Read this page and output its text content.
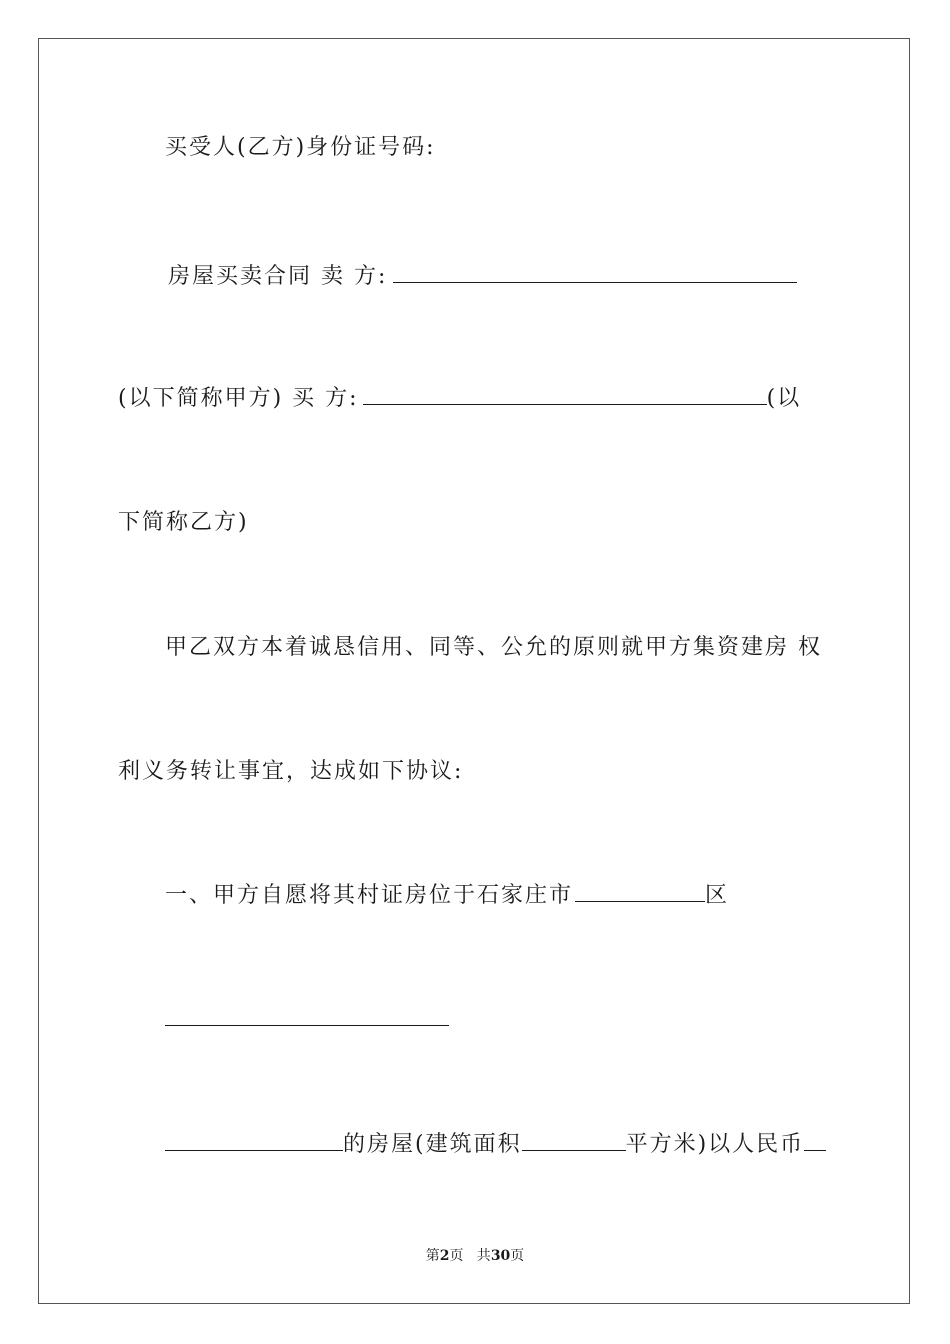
买受人(乙方)身份证号码:
房屋买卖合同 卖 方:
(以下简称甲方) 买 方:	(以
下简称乙方)
甲乙双方本着诚恳信用、同等、公允的原则就甲方集资建房 权
利义务转让事宜，达成如下协议:
一、甲方自愿将其村证房位于石家庄市	区
的房屋(建筑面积	平方米)以人民币
第2页   共30页
